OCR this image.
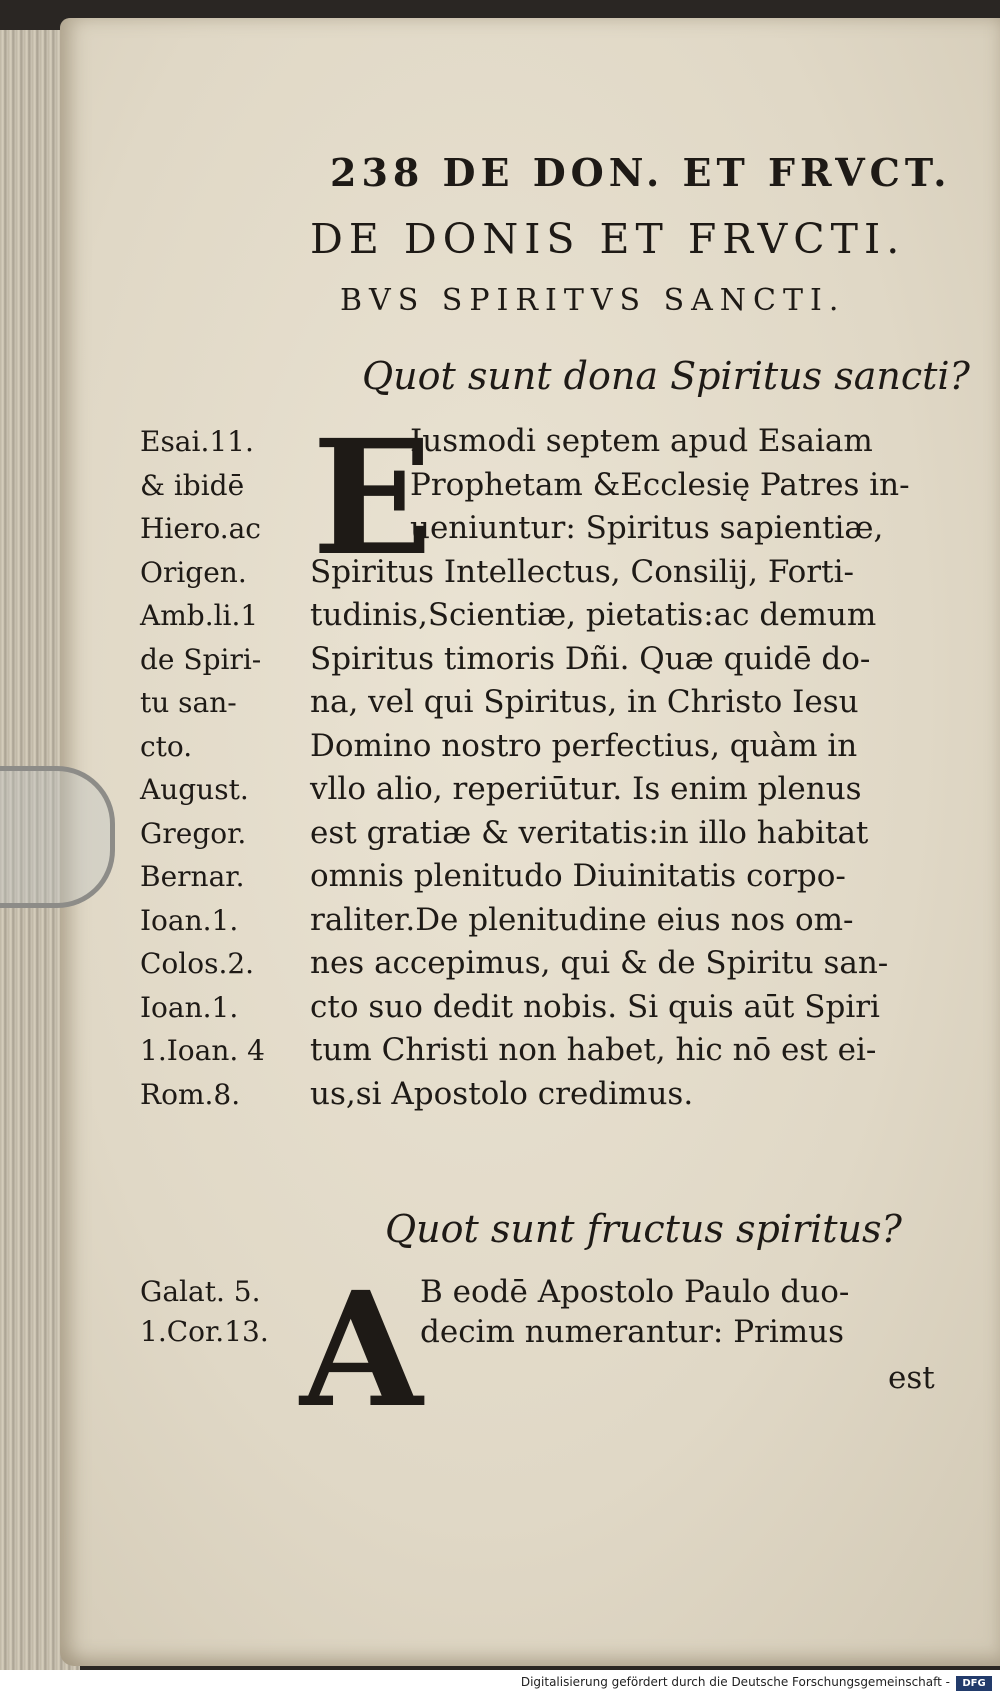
238 DE DON. ET FRVCT.
DE DONIS ET FRVCTI.
BVS SPIRITVS SANCTI.
Quot sunt dona Spiritus sancti?
Esai.11.
& ibidē
Hiero.ac
Origen.
Amb.li.1
de Spiri-
tu san-
cto.
August.
Gregor.
Bernar.
Ioan.1.
Colos.2.
Ioan.1.
1.Ioan. 4
Rom.8.
E
Iusmodi septem apud Esaiam
Prophetam &Ecclesię Patres in-
ueniuntur: Spiritus sapientiæ,
Spiritus Intellectus, Consilij, Forti-
tudinis,Scientiæ, pietatis:ac demum
Spiritus timoris Dñi. Quæ quidē do-
na, vel qui Spiritus, in Christo Iesu
Domino nostro perfectius, quàm in
vllo alio, reperiūtur. Is enim plenus
est gratiæ & veritatis:in illo habitat
omnis plenitudo Diuinitatis corpo-
raliter.De plenitudine eius nos om-
nes accepimus, qui & de Spiritu san-
cto suo dedit nobis. Si quis aūt Spiri
tum Christi non habet, hic nō est ei-
us,si Apostolo credimus.
Quot sunt fructus spiritus?
Galat. 5.
1.Cor.13. A
B eodē Apostolo Paulo duo-
decim numerantur: Primus
est
Digitalisierung gefördert durch die Deutsche Forschungsgemeinschaft -	DFG
